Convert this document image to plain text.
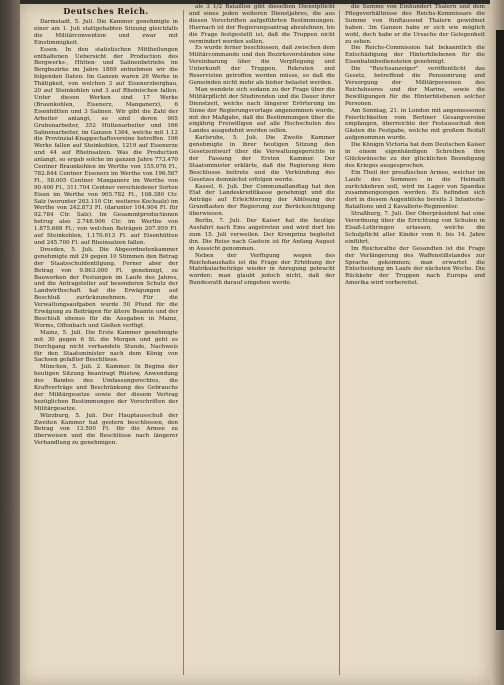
Deutsches Reich.

Darmstadt, 5. Juli. Die Kammer genehmigte in einer am 1. Juli stattgehabten Sitzung gleichfalls die Militärconvention und zwar mit Einstimmigkeit.

Essen. In den statistischen Mittheilungen enthaltenen Uebersicht der Production des Bergwerks-, Hütten- und Salinenbetriebs im Bergbezirke im Jahre 1869 entnehmen wir die folgenden Daten: Im Ganzen waren 26 Werke in Thätigkeit, von welchen 3 auf Eisenerzbergbau, 20 auf Steinkohlen und 3 auf Rheinischen fallen. Unter diesen Werken sind 17 Werke (Braunkohlen, Eisenerz, Manganerz), 6 Eisenhütten und 3 Salinen. Wir gibt die Zahl der Arbeiter anlangt, so sind deren 905 Grubenarbeiter, 352 Hüttenarbeiter und 166 Salinenarbeiter, im Ganzen 1364, welche mit 1.12 die Provinzial-Knappschaftsvereine betreffen. 106 Werke fallen auf Steinkohlen, 1219 auf Eisenerze und 44 auf Rheinsalzen. Was die Production anlangt, so ergab solche im ganzen Jahre 773.470 Centner Braunkohlen im Werthe von 155.076 Fl., 782.844 Centner Eisenerz im Werthe von 196.567 Fl., 58.005 Centner Manganerz im Werthe von 90.400 Fl., 311.704 Centner verschiedener Sorten Eisen im Werthe von 905.782 Fl., 108.380 Ctr. Salz (worunter 263.110 Ctr. weiteres Kochsalz) im Werthe von 242.873 Fl. (darunter 104.904 Fl. für 92.784 Ctr. Salz). Im Gesammtproductionen betrug also 2.748.906 Ctr. im Werthe von 1.875.668 Fl.; von welchen Beträgen 207.959 Fl. auf Steinkohlen, 1.170.613 Fl. auf Eisenhütten und 245.700 Fl. auf Rheinsalzen fallen.

Dresden, 5. Juli. Die Abgeordnetenkammer genehmigte mit 29 gegen 10 Stimmen den Betrag der Staatsschuldentilgung. Ferner aber der Betrag von 9.863.000 Fl. genehmigt, zu Bauwerken der Festungen im Laufe des Jahres, und die Antragsteller auf besonderen Schutz der Landwirthschaft hat die Erwägungen auf Beschluß zurückzunehmen. Für die Verwaltungsaufgaben wurde 50 Pfund für die Erwägung zu Beiträgen für ältere Beamte und der Beschluß ebenso für die Ausgaben in Mainz, Worms, Offenbach und Gießen verfügt.

Mainz, 5. Juli. Die Erste Kammer genehmigte mit 30 gegen 6 St. die Morgen und geht es Durchgang nicht verhandeln Stunde, Nachweis für den Staatsminister nach dem König von Sachsen gefaßter Beschlüsse.

München, 5. Juli. 2. Kammer. In Beginn der heutigen Sitzung beantragt Rüstow, Anwendung des Bandes des Umfassungsrechtes, die Kraftverträge und Beschränkung des Gebrauchs der Militärgesetze sowie der diesem Vertrag bezüglichen Bestimmungen der Vorschriften der Militärgesetze.

Würzburg, 5. Juli. Der Hauptausschuß der Zweiten Kammer hat gestern beschlossen, den Betrag von 13.500 Fl. für die Armee zu überweisen und die Beschlüsse nach längerer Verhandlung zu genehmigen.

als 3 1/2 Bataillon gibt dieselben Dienstpflicht und eines jeden weiteren Dienstjahres, die aus diesen Vorschriften aufgeführten Bestimmungen. Hiernach ist der Regierungsantrag abzulehnen, bis die Frage festgestellt ist, daß die Truppen nicht vermindert werden sollen.

Es wurde ferner beschlossen, daß zwischen dem Militärcommando und den Bezirksvorständen eine Vereinbarung über die Verpflegung und Unterkunft der Truppen, Rekruten und Reservisten getroffen werden müsse, so daß die Gemeinden nicht mehr als bisher belastet werden.

Man wendete sich sodann zu der Frage über die Militärpflicht der Studirenden und die Dauer ihrer Dienstzeit, welche nach längerer Erörterung im Sinne der Regierungsvorlage angenommen wurde, mit der Maßgabe, daß die Bestimmungen über die einjährig Freiwilligen auf alle Hochschulen des Landes ausgedehnt werden sollen.

Karlsruhe, 5. Juli. Die Zweite Kammer genehmigte in ihrer heutigen Sitzung den Gesetzentwurf über die Verwaltungsgerichte in der Fassung der Ersten Kammer. Der Staatsminister erklärte, daß die Regierung dem Beschlusse beitrete und die Verkündung des Gesetzes demnächst erfolgen werde.

Kassel, 6. Juli. Der Communallandtag hat den Etat der Landeskreditkasse genehmigt und die Anträge auf Erleichterung der Ablösung der Grundlasten der Regierung zur Berücksichtigung überwiesen.

Berlin, 7. Juli. Der Kaiser hat die heutige Ausfahrt nach Ems angetreten und wird dort bis zum 15. Juli verweilen. Der Kronprinz begleitet ihn. Die Reise nach Gastein ist für Anfang August in Aussicht genommen.

Neben der Verfügung wegen des Reichshaushalts ist die Frage der Erhöhung der Matrikularbeiträge wieder in Anregung gebracht worden; man glaubt jedoch nicht, daß der Bundesrath darauf eingehen werde.

die Summe von Einhundert Thalern und dem Pflegeverhältnisse des Reichs-Kommissars die Summe von fünftausend Thalern gewidmet haben. 3m Ganzen habe er sich wie möglich wohl, doch habe er die Ursache der Gelegenheit zu sehen.

Die Reichs-Commission hat bekanntlich die Entschädigung der Hinterbliebenen für die Eisenbahnbediensteten genehmigt.

Die "Reichsanzeiger" veröffentlicht das Gesetz, betreffend die Pensionirung und Versorgung der Militärpersonen des Reichsheeres und der Marine, sowie die Bewilligungen für die Hinterbliebenen solcher Personen.

Am Sonntag, 21. in London mit angemessenen Feierlichkeiten vom Berliner Gesangvereine empfangen, überreichte der Festausschuß den Gästen die Festgabe, welche mit großem Beifall aufgenommen wurde.

Die Königin Victoria hat dem Deutschen Kaiser in einem eigenhändigen Schreiben ihre Glückwünsche zu der glücklichen Beendigung des Krieges ausgesprochen.

Ein Theil der preußischen Armee, welcher im Laufe des Sommers in die Heimath zurückkehren soll, wird im Lager von Spandau zusammengezogen werden. Es befinden sich dort in diesem Augenblicke bereits 3 Infanterie-Bataillone und 2 Kavallerie-Regimenter.

Straßburg, 7. Juli. Der Oberpräsident hat eine Verordnung über die Errichtung von Schulen in Elsaß-Lothringen erlassen, welche die Schulpflicht aller Kinder vom 6. bis 14. Jahre einführt.

Im Reichsrathe der Gesandten ist die Frage der Verlängerung des Waffenstillstandes zur Sprache gekommen; man erwartet die Entscheidung im Laufe der nächsten Woche. Die Rückkehr der Truppen nach Europa und Amerika wird vorbereitet.

Zel
